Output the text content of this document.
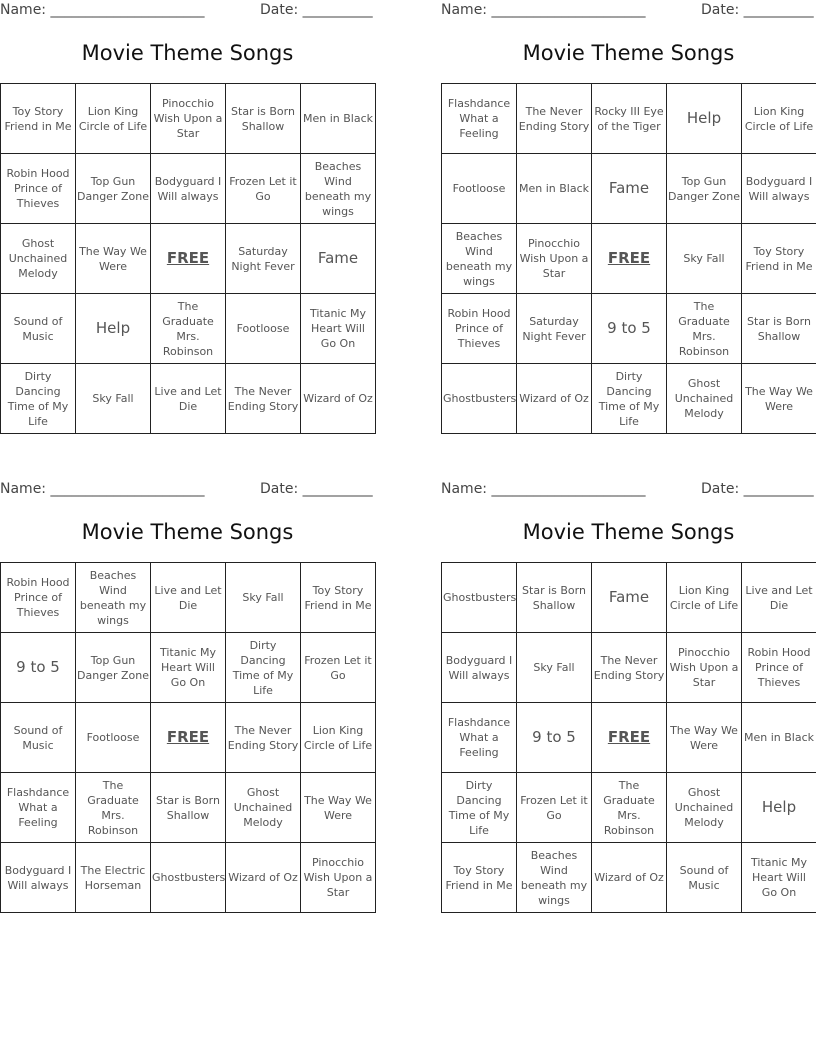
Name: ______________________	Date: __________
Movie Theme Songs
Toy Story Friend in Me	Lion King Circle of Life	Pinocchio Wish Upon a Star	Star is Born Shallow	Men in Black
Robin Hood Prince of Thieves	Top Gun Danger Zone	Bodyguard I Will always	Frozen Let it Go	Beaches Wind beneath my wings
Ghost Unchained Melody	The Way We Were	FREE	Saturday Night Fever	Fame
Sound of Music	Help	The Graduate Mrs. Robinson	Footloose	Titanic My Heart Will Go On
Dirty Dancing Time of My Life	Sky Fall	Live and Let Die	The Never Ending Story	Wizard of Oz
Name: ______________________	Date: __________
Movie Theme Songs
Flashdance What a Feeling	The Never Ending Story	Rocky III Eye of the Tiger	Help	Lion King Circle of Life
Footloose	Men in Black	Fame	Top Gun Danger Zone	Bodyguard I Will always
Beaches Wind beneath my wings	Pinocchio Wish Upon a Star	FREE	Sky Fall	Toy Story Friend in Me
Robin Hood Prince of Thieves	Saturday Night Fever	9 to 5	The Graduate Mrs. Robinson	Star is Born Shallow
Ghostbusters	Wizard of Oz	Dirty Dancing Time of My Life	Ghost Unchained Melody	The Way We Were
Name: ______________________	Date: __________
Movie Theme Songs
Robin Hood Prince of Thieves	Beaches Wind beneath my wings	Live and Let Die	Sky Fall	Toy Story Friend in Me
9 to 5	Top Gun Danger Zone	Titanic My Heart Will Go On	Dirty Dancing Time of My Life	Frozen Let it Go
Sound of Music	Footloose	FREE	The Never Ending Story	Lion King Circle of Life
Flashdance What a Feeling	The Graduate Mrs. Robinson	Star is Born Shallow	Ghost Unchained Melody	The Way We Were
Bodyguard I Will always	The Electric Horseman	Ghostbusters	Wizard of Oz	Pinocchio Wish Upon a Star
Name: ______________________	Date: __________
Movie Theme Songs
Ghostbusters	Star is Born Shallow	Fame	Lion King Circle of Life	Live and Let Die
Bodyguard I Will always	Sky Fall	The Never Ending Story	Pinocchio Wish Upon a Star	Robin Hood Prince of Thieves
Flashdance What a Feeling	9 to 5	FREE	The Way We Were	Men in Black
Dirty Dancing Time of My Life	Frozen Let it Go	The Graduate Mrs. Robinson	Ghost Unchained Melody	Help
Toy Story Friend in Me	Beaches Wind beneath my wings	Wizard of Oz	Sound of Music	Titanic My Heart Will Go On
